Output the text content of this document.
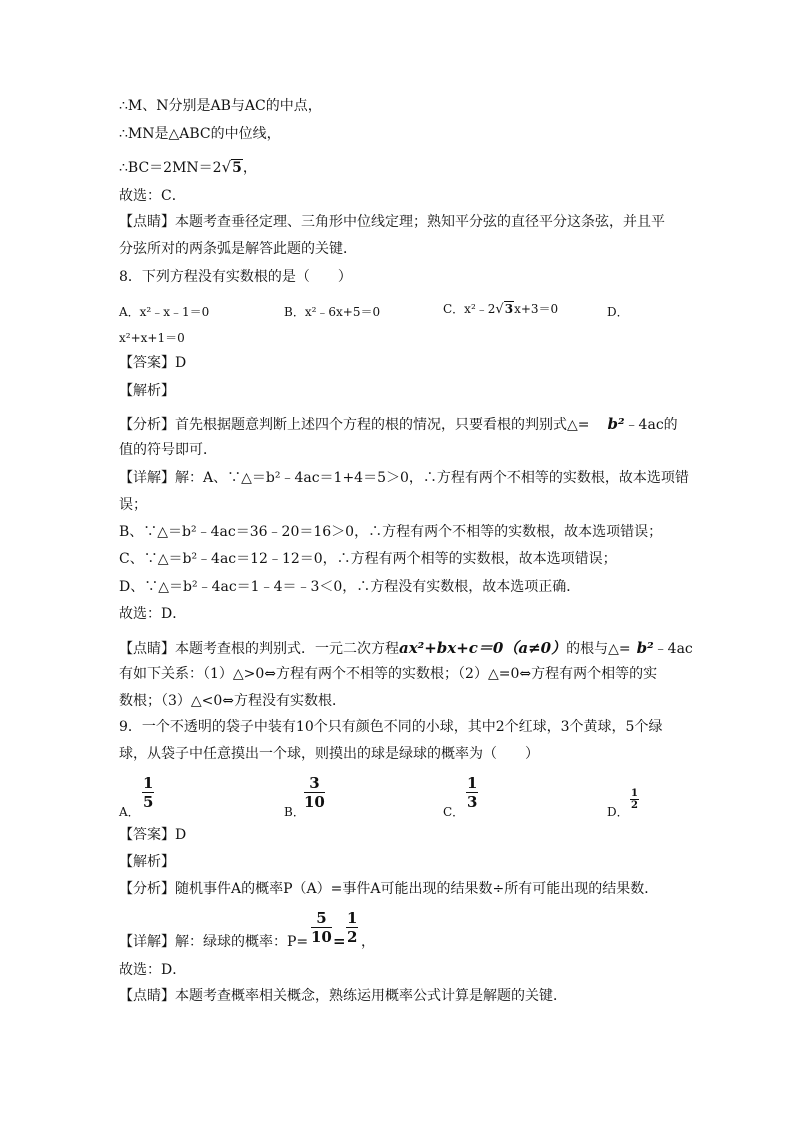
∴M、N分别是AB与AC的中点，
∴MN是△ABC的中位线，
∴BC＝2MN＝2√5，
故选：C．
【点睛】本题考查垂径定理、三角形中位线定理；熟知平分弦的直径平分这条弦，并且平
分弦所对的两条弧是解答此题的关键．
8．下列方程没有实数根的是（　　）
A．x²﹣x﹣1＝0	B．x²﹣6x+5＝0	C．x²﹣2√3x+3＝0	D．
x²+x+1＝0
【答案】D
【解析】
【分析】首先根据题意判断上述四个方程的根的情况，只要看根的判别式△= b²﹣4ac的
值的符号即可．
【详解】解：A、∵△＝b²﹣4ac＝1+4＝5＞0，∴方程有两个不相等的实数根，故本选项错
误；
B、∵△＝b²﹣4ac＝36﹣20＝16＞0，∴方程有两个不相等的实数根，故本选项错误；
C、∵△＝b²﹣4ac＝12﹣12＝0，∴方程有两个相等的实数根，故本选项错误；
D、∵△＝b²﹣4ac＝1﹣4＝﹣3＜0，∴方程没有实数根，故本选项正确．
故选：D．
【点睛】本题考查根的判别式．一元二次方程ax²+bx+c＝0（a≠0）的根与△= b²﹣4ac
有如下关系：（1）△>0⇔方程有两个不相等的实数根；（2）△=0⇔方程有两个相等的实
数根；（3）△<0⇔方程没有实数根．
9．一个不透明的袋子中装有10个只有颜色不同的小球，其中2个红球，3个黄球，5个绿
球，从袋子中任意摸出一个球，则摸出的球是绿球的概率为（　　）
A．
1
5
B．
3
10
C．
1
3
D．
1
2
【答案】D
【解析】
【分析】随机事件A的概率P（A）=事件A可能出现的结果数÷所有可能出现的结果数．
【详解】解：绿球的概率：P=
5
10 =
1
2 ，
故选：D．
【点睛】本题考查概率相关概念，熟练运用概率公式计算是解题的关键．
